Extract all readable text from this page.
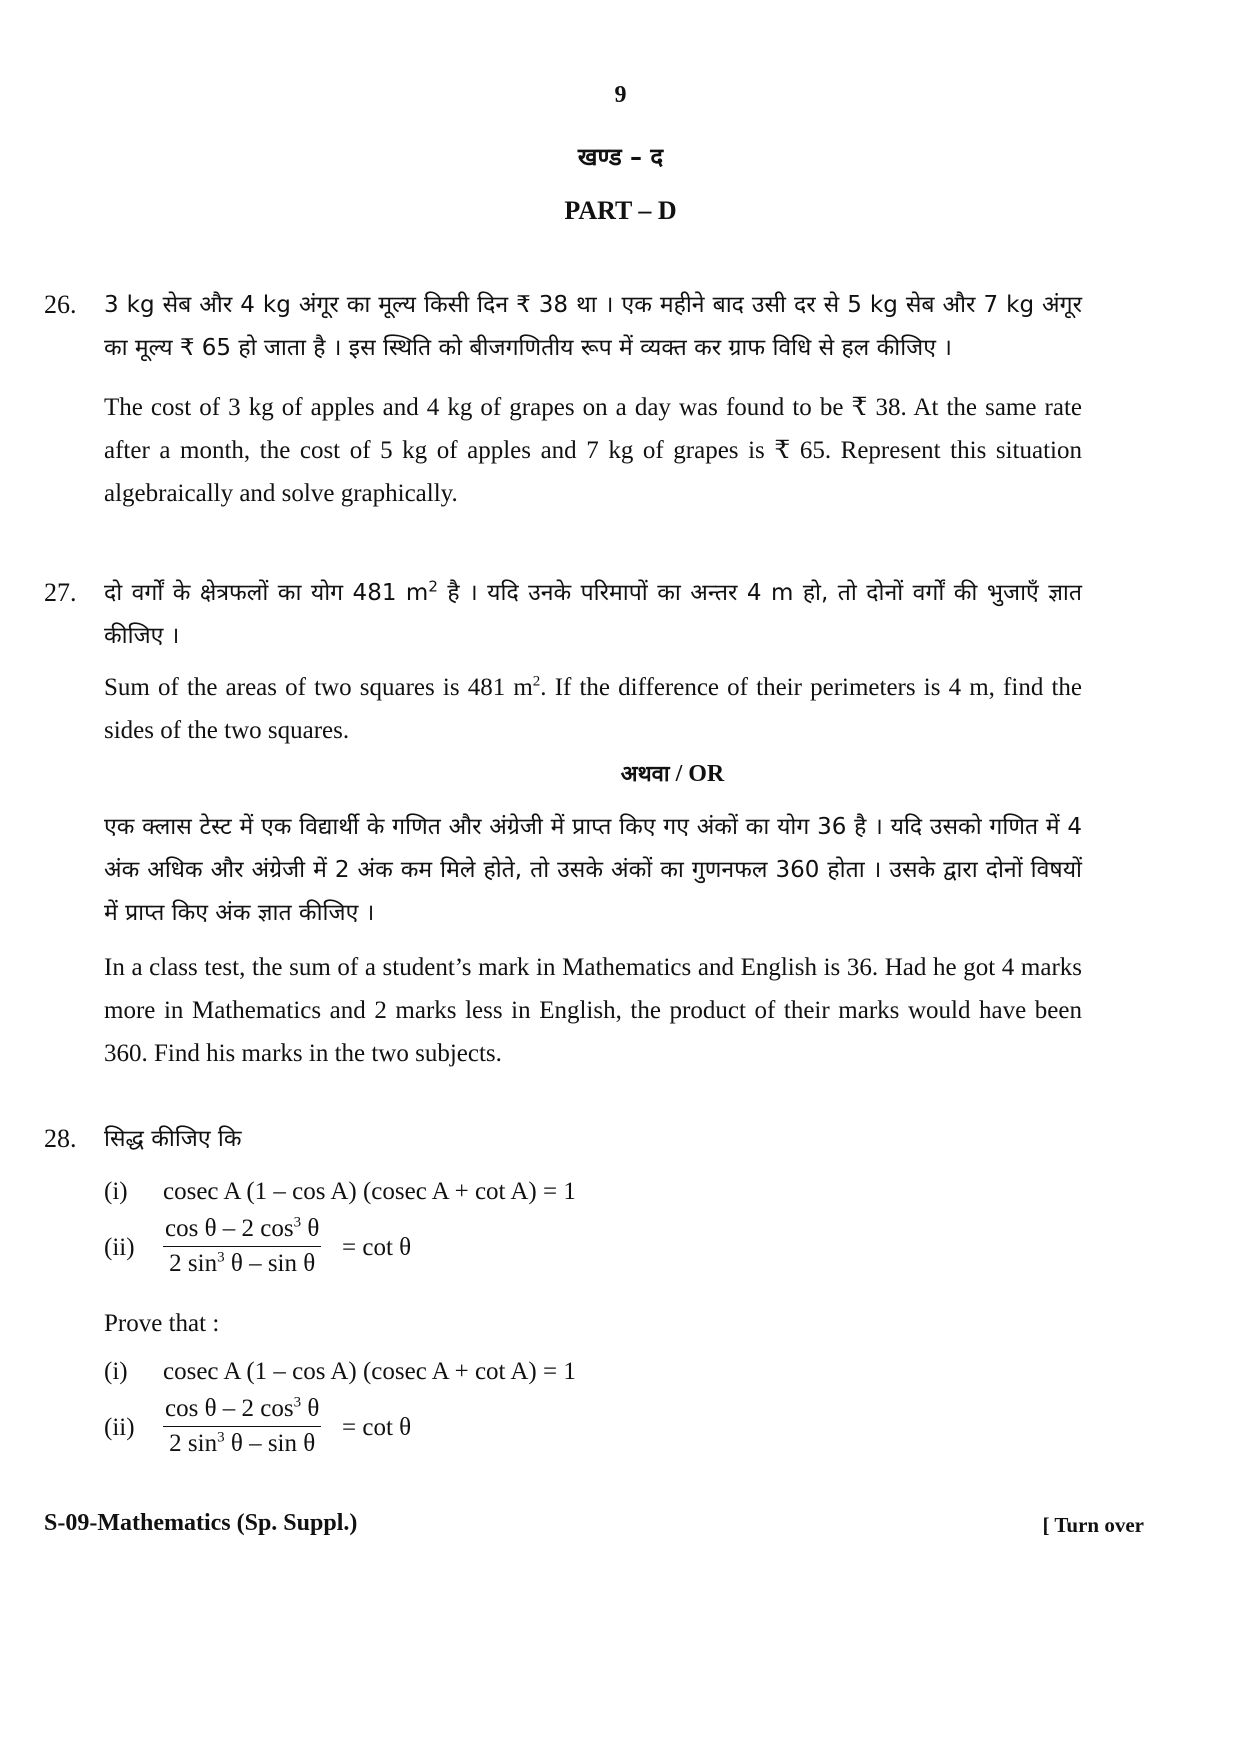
9
खण्ड – द
PART – D
26. 3 kg सेब और 4 kg अंगूर का मूल्य किसी दिन ₹ 38 था । एक महीने बाद उसी दर से 5 kg सेब और 7 kg अंगूर का मूल्य ₹ 65 हो जाता है । इस स्थिति को बीजगणितीय रूप में व्यक्त कर ग्राफ विधि से हल कीजिए ।
The cost of 3 kg of apples and 4 kg of grapes on a day was found to be ₹ 38. At the same rate after a month, the cost of 5 kg of apples and 7 kg of grapes is ₹ 65. Represent this situation algebraically and solve graphically.
27. दो वर्गों के क्षेत्रफलों का योग 481 $m^2$ है । यदि उनके परिमापों का अन्तर 4 m हो, तो दोनों वर्गों की भुजाएँ ज्ञात कीजिए ।
Sum of the areas of two squares is 481 $m^2$. If the difference of their perimeters is 4 m, find the sides of the two squares.
अथवा / OR
एक क्लास टेस्ट में एक विद्यार्थी के गणित और अंग्रेजी में प्राप्त किए गए अंकों का योग 36 है । यदि उसको गणित में 4 अंक अधिक और अंग्रेजी में 2 अंक कम मिले होते, तो उसके अंकों का गुणनफल 360 होता । उसके द्वारा दोनों विषयों में प्राप्त किए अंक ज्ञात कीजिए ।
In a class test, the sum of a student’s mark in Mathematics and English is 36. Had he got 4 marks more in Mathematics and 2 marks less in English, the product of their marks would have been 360. Find his marks in the two subjects.
28. सिद्ध कीजिए कि
(i) cosec A (1 – cos A) (cosec A + cot A) = 1
$(ii) \frac{\cos \theta - 2 \cos^3 \theta}{2 \sin^3 \theta - \sin \theta} = \cot \theta$
Prove that :
(i) cosec A (1 – cos A) (cosec A + cot A) = 1
$(ii) \frac{\cos \theta - 2 \cos^3 \theta}{2 \sin^3 \theta - \sin \theta} = \cot \theta$
S-09-Mathematics (Sp. Suppl.)	[ Turn over
